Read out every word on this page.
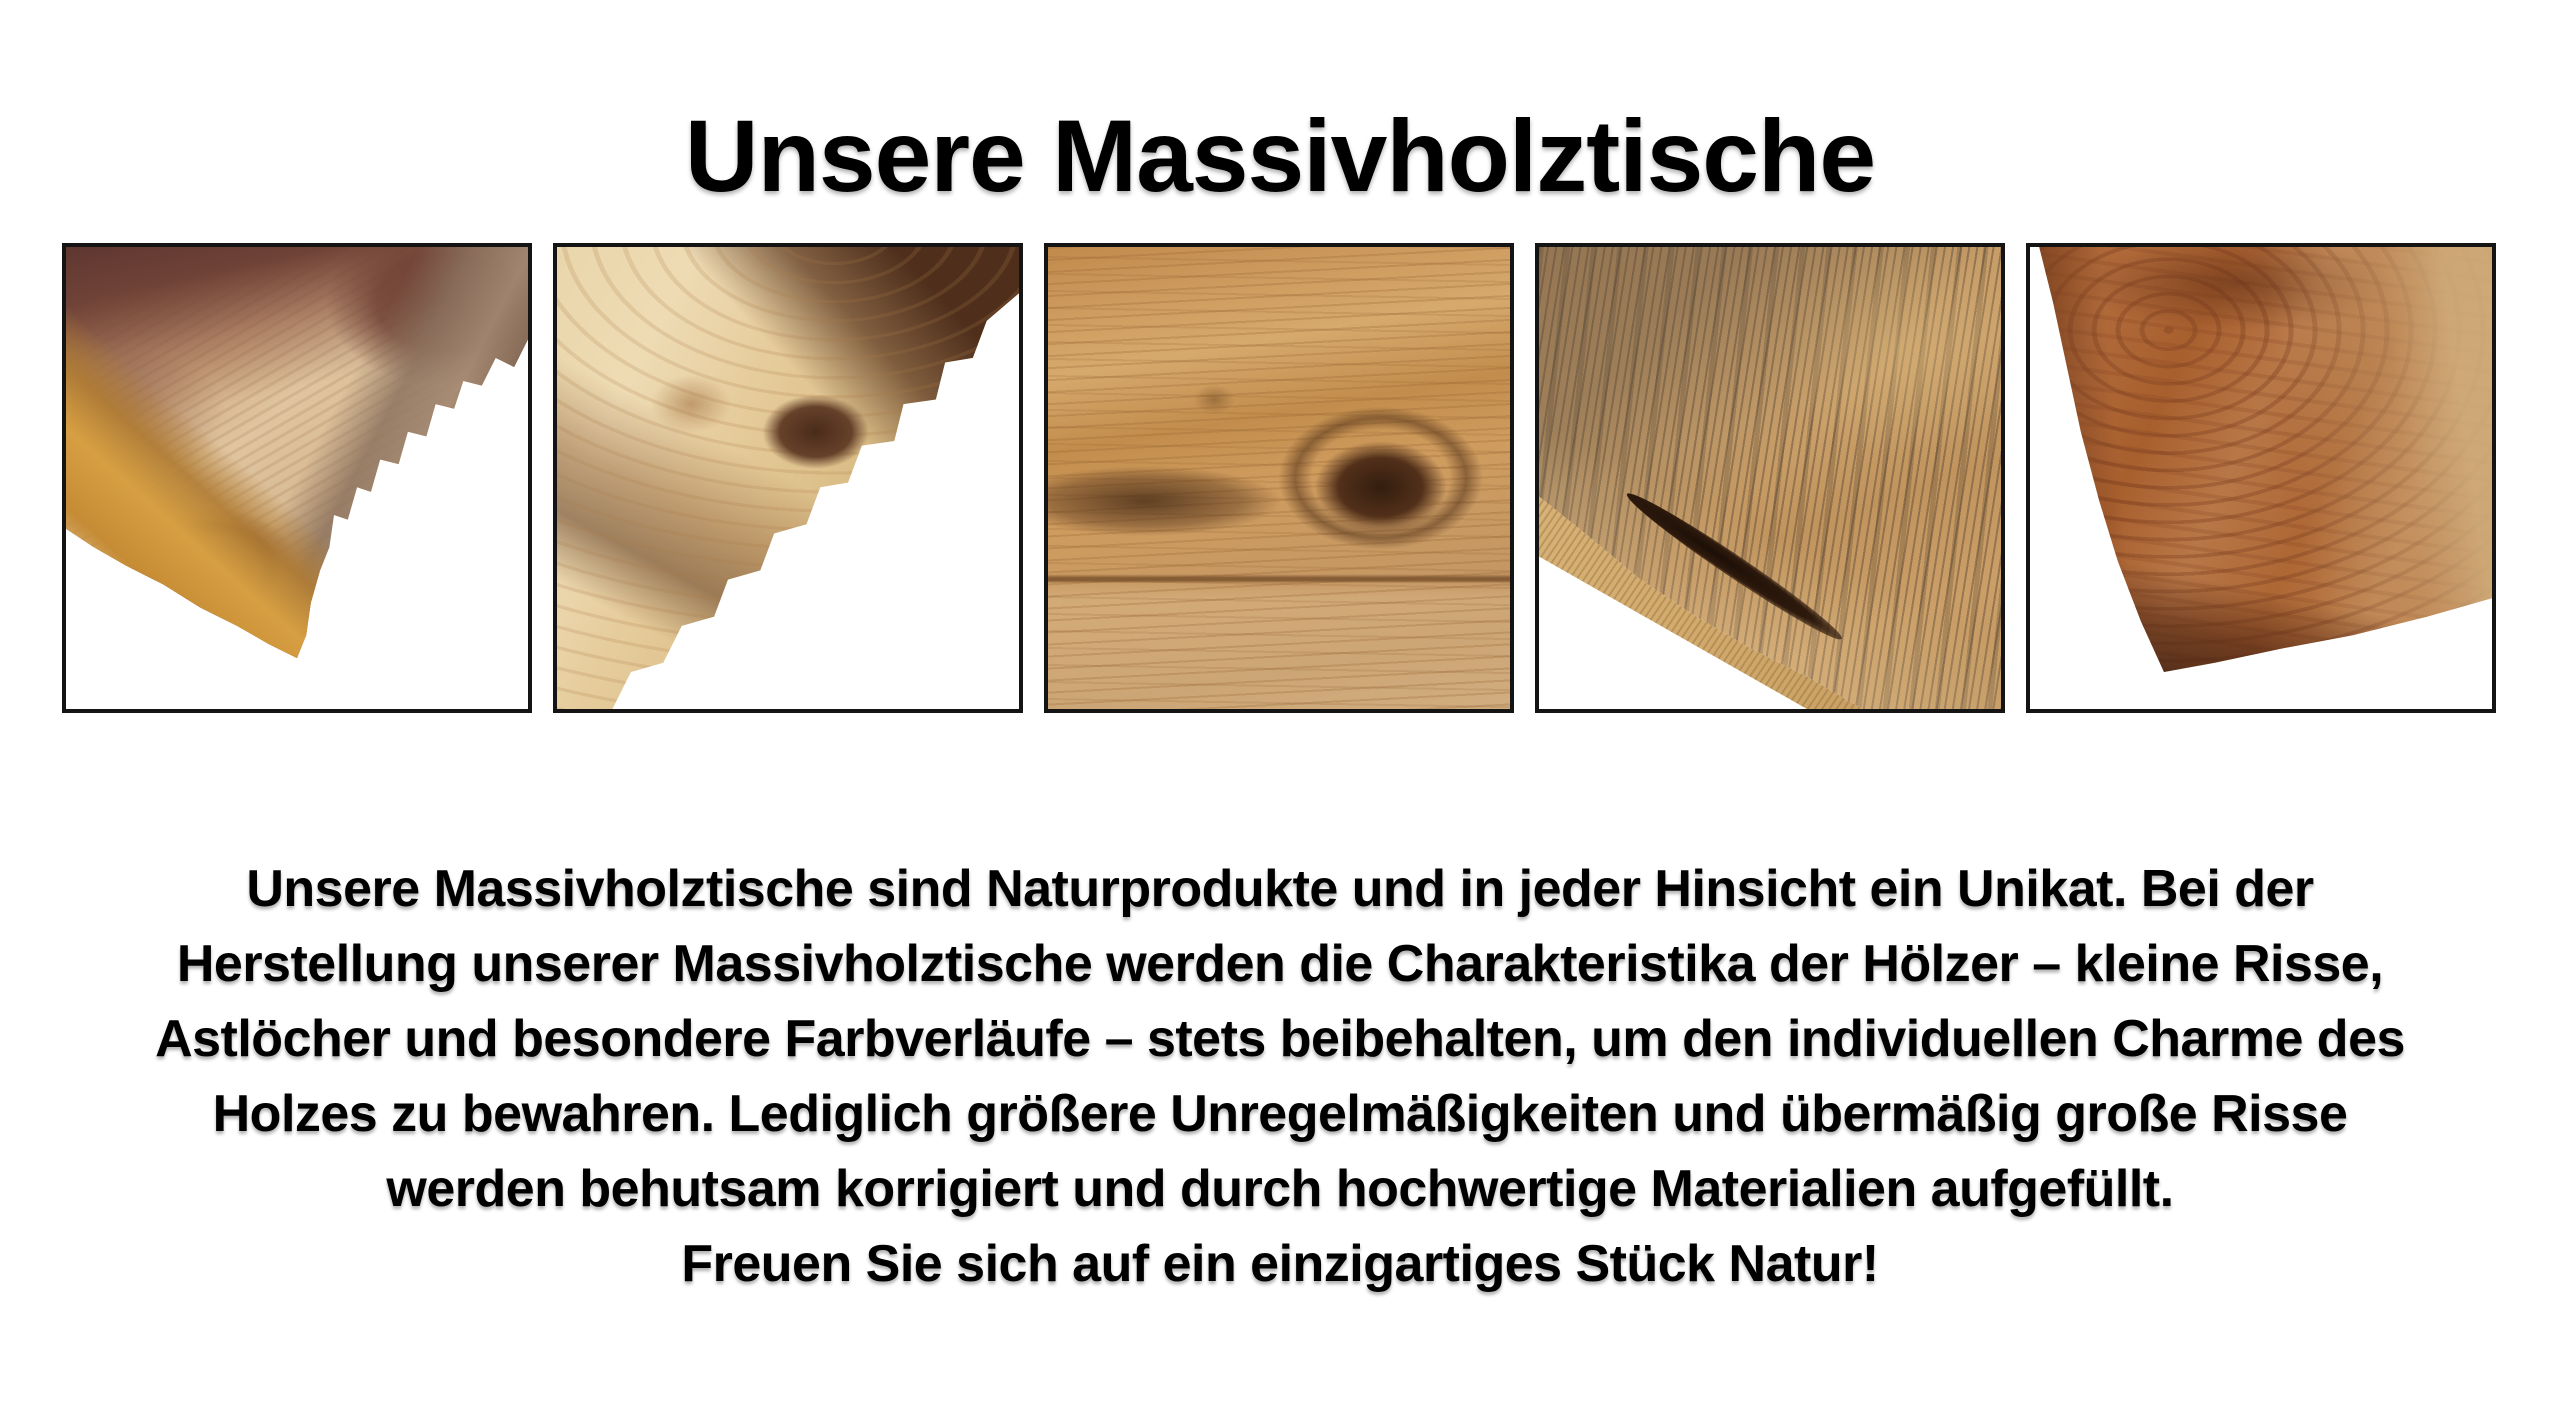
Unsere Massivholztische
Unsere Massivholztische sind Naturprodukte und in jeder Hinsicht ein Unikat. Bei der
Herstellung unserer Massivholztische werden die Charakteristika der Hölzer – kleine Risse,
Astlöcher und besondere Farbverläufe – stets beibehalten, um den individuellen Charme des
Holzes zu bewahren. Lediglich größere Unregelmäßigkeiten und übermäßig große Risse
werden behutsam korrigiert und durch hochwertige Materialien aufgefüllt.
Freuen Sie sich auf ein einzigartiges Stück Natur!
